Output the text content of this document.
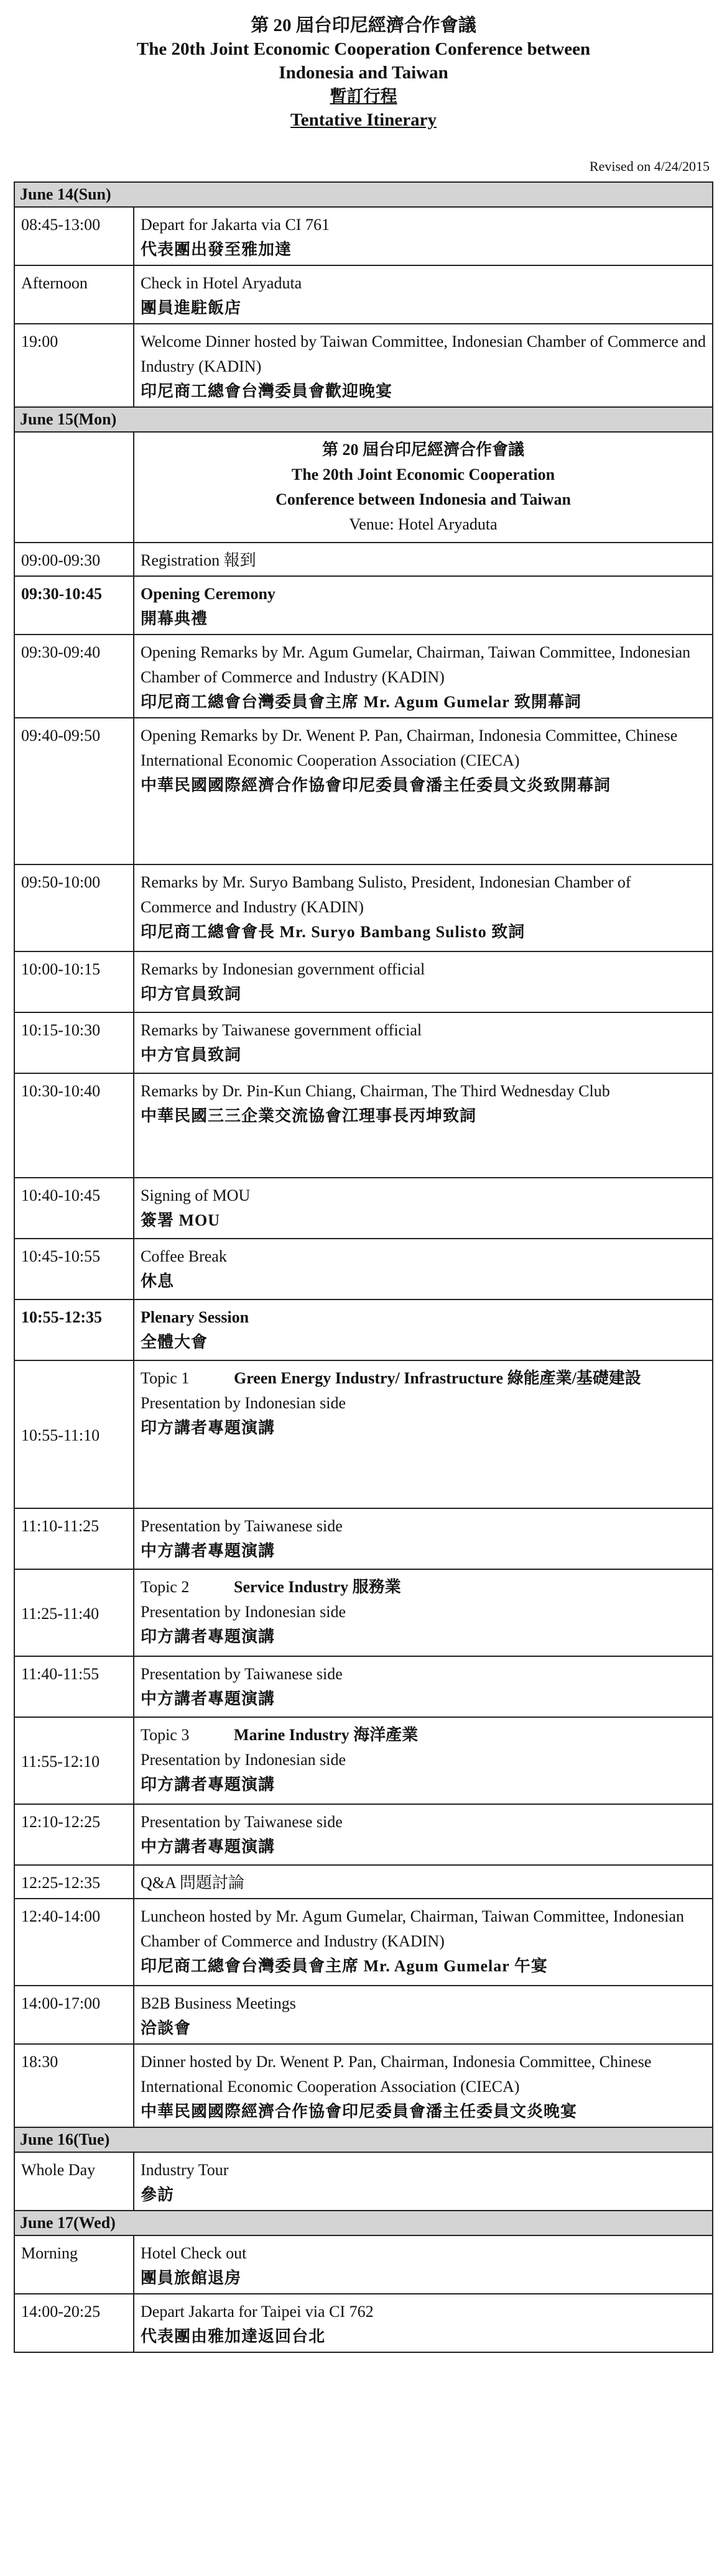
第 20 屆台印尼經濟合作會議
The 20th Joint Economic Cooperation Conference between
Indonesia and Taiwan
暫訂行程
Tentative Itinerary
Revised on 4/24/2015
June 14(Sun)	
08:45-13:00	Depart for Jakarta via CI 761
代表團出發至雅加達

Afternoon	Check in Hotel Aryaduta
團員進駐飯店

19:00	Welcome Dinner hosted by Taiwan Committee, Indonesian Chamber of Commerce and Industry (KADIN)
印尼商工總會台灣委員會歡迎晚宴

June 15(Mon)	

	第 20 屆台印尼經濟合作會議
The 20th Joint Economic Cooperation
Conference between Indonesia and Taiwan
Venue: Hotel Aryaduta

09:00-09:30	Registration 報到

09:30-10:45	Opening Ceremony
開幕典禮

09:30-09:40	Opening Remarks by Mr. Agum Gumelar, Chairman, Taiwan Committee, Indonesian Chamber of Commerce and Industry (KADIN)
印尼商工總會台灣委員會主席 Mr. Agum Gumelar 致開幕詞

09:40-09:50	Opening Remarks by Dr. Wenent P. Pan, Chairman, Indonesia Committee, Chinese International Economic Cooperation Association (CIECA)
中華民國國際經濟合作協會印尼委員會潘主任委員文炎致開幕詞

09:50-10:00	Remarks by Mr. Suryo Bambang Sulisto, President, Indonesian Chamber of Commerce and Industry (KADIN)
印尼商工總會會長 Mr. Suryo Bambang Sulisto 致詞

10:00-10:15	Remarks by Indonesian government official
印方官員致詞

10:15-10:30	Remarks by Taiwanese government official
中方官員致詞

10:30-10:40	Remarks by Dr. Pin-Kun Chiang, Chairman, The Third Wednesday Club
中華民國三三企業交流協會江理事長丙坤致詞

10:40-10:45	Signing of MOU
簽署 MOU

10:45-10:55	Coffee Break
休息

10:55-12:35	Plenary Session
全體大會

10:55-11:10	Topic 1 Green Energy Industry/ Infrastructure 綠能產業/基礎建設
Presentation by Indonesian side
印方講者專題演講

11:10-11:25	Presentation by Taiwanese side
中方講者專題演講

11:25-11:40	Topic 2 Service Industry 服務業
Presentation by Indonesian side
印方講者專題演講

11:40-11:55	Presentation by Taiwanese side
中方講者專題演講

11:55-12:10	Topic 3 Marine Industry 海洋產業
Presentation by Indonesian side
印方講者專題演講

12:10-12:25	Presentation by Taiwanese side
中方講者專題演講

12:25-12:35	Q&A 問題討論

12:40-14:00	Luncheon hosted by Mr. Agum Gumelar, Chairman, Taiwan Committee, Indonesian Chamber of Commerce and Industry (KADIN)
印尼商工總會台灣委員會主席 Mr. Agum Gumelar 午宴

14:00-17:00	B2B Business Meetings
洽談會

18:30	Dinner hosted by Dr. Wenent P. Pan, Chairman, Indonesia Committee, Chinese International Economic Cooperation Association (CIECA)
中華民國國際經濟合作協會印尼委員會潘主任委員文炎晚宴

June 16(Tue)	
Whole Day	Industry Tour
參訪

June 17(Wed)	
Morning	Hotel Check out
團員旅館退房

14:00-20:25	Depart Jakarta for Taipei via CI 762
代表團由雅加達返回台北
